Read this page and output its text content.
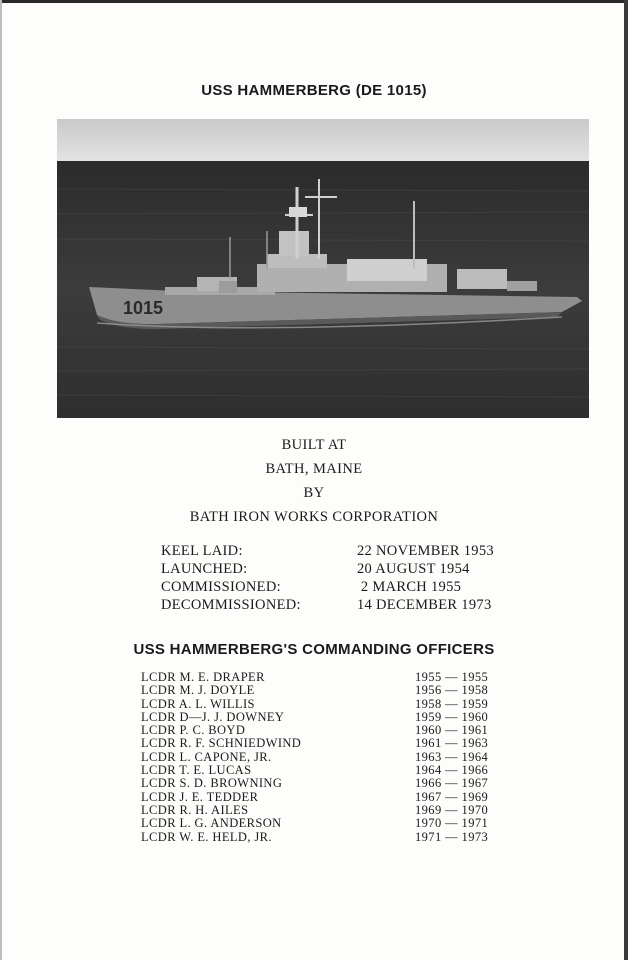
USS HAMMERBERG (DE 1015)
1015
BUILT AT
BATH, MAINE
BY
BATH IRON WORKS CORPORATION
KEEL LAID:	22 NOVEMBER 1953
LAUNCHED:	20 AUGUST 1954
COMMISSIONED:	2 MARCH 1955
DECOMMISSIONED:	14 DECEMBER 1973
USS HAMMERBERG'S COMMANDING OFFICERS
LCDR M. E. DRAPER	1955 — 1955
LCDR M. J. DOYLE	1956 — 1958
LCDR A. L. WILLIS	1958 — 1959
LCDR D—J. J. DOWNEY	1959 — 1960
LCDR P. C. BOYD	1960 — 1961
LCDR R. F. SCHNIEDWIND	1961 — 1963
LCDR L. CAPONE, JR.	1963 — 1964
LCDR T. E. LUCAS	1964 — 1966
LCDR S. D. BROWNING	1966 — 1967
LCDR J. E. TEDDER	1967 — 1969
LCDR R. H. AILES	1969 — 1970
LCDR L. G. ANDERSON	1970 — 1971
LCDR W. E. HELD, JR.	1971 — 1973
